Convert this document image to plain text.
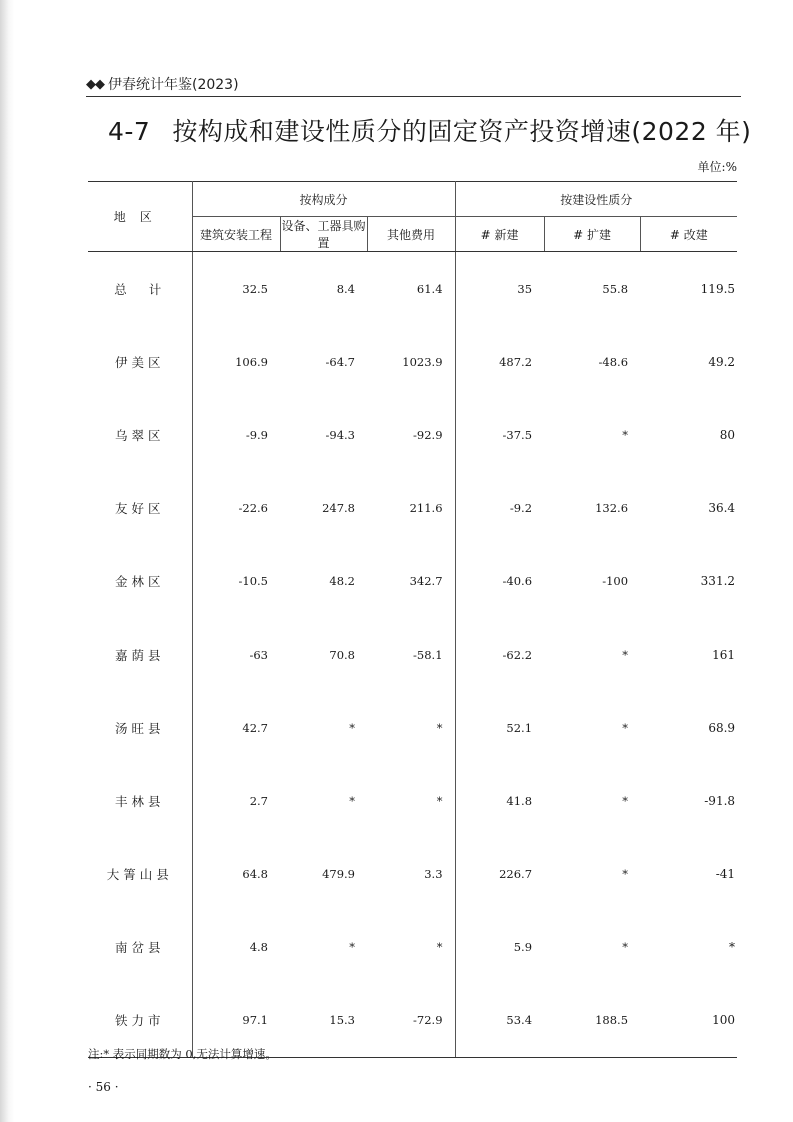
◆◆ 伊春统计年鉴(2023)
4-7 按构成和建设性质分的固定资产投资增速(2022 年)
单位:%
地区	按构成分			按建设性质分		
	建筑安装工程	设备、工器具购置	其他费用	# 新建	# 扩建	# 改建
总计	32.5	8.4	61.4	35	55.8	119.5
伊美区	106.9	-64.7	1023.9	487.2	-48.6	49.2
乌翠区	-9.9	-94.3	-92.9	-37.5	*	80
友好区	-22.6	247.8	211.6	-9.2	132.6	36.4
金林区	-10.5	48.2	342.7	-40.6	-100	331.2
嘉荫县	-63	70.8	-58.1	-62.2	*	161
汤旺县	42.7	*	*	52.1	*	68.9
丰林县	2.7	*	*	41.8	*	-91.8
大箐山县	64.8	479.9	3.3	226.7	*	-41
南岔县	4.8	*	*	5.9	*	*
铁力市	97.1	15.3	-72.9	53.4	188.5	100
注:* 表示同期数为 0,无法计算增速。
· 56 ·
